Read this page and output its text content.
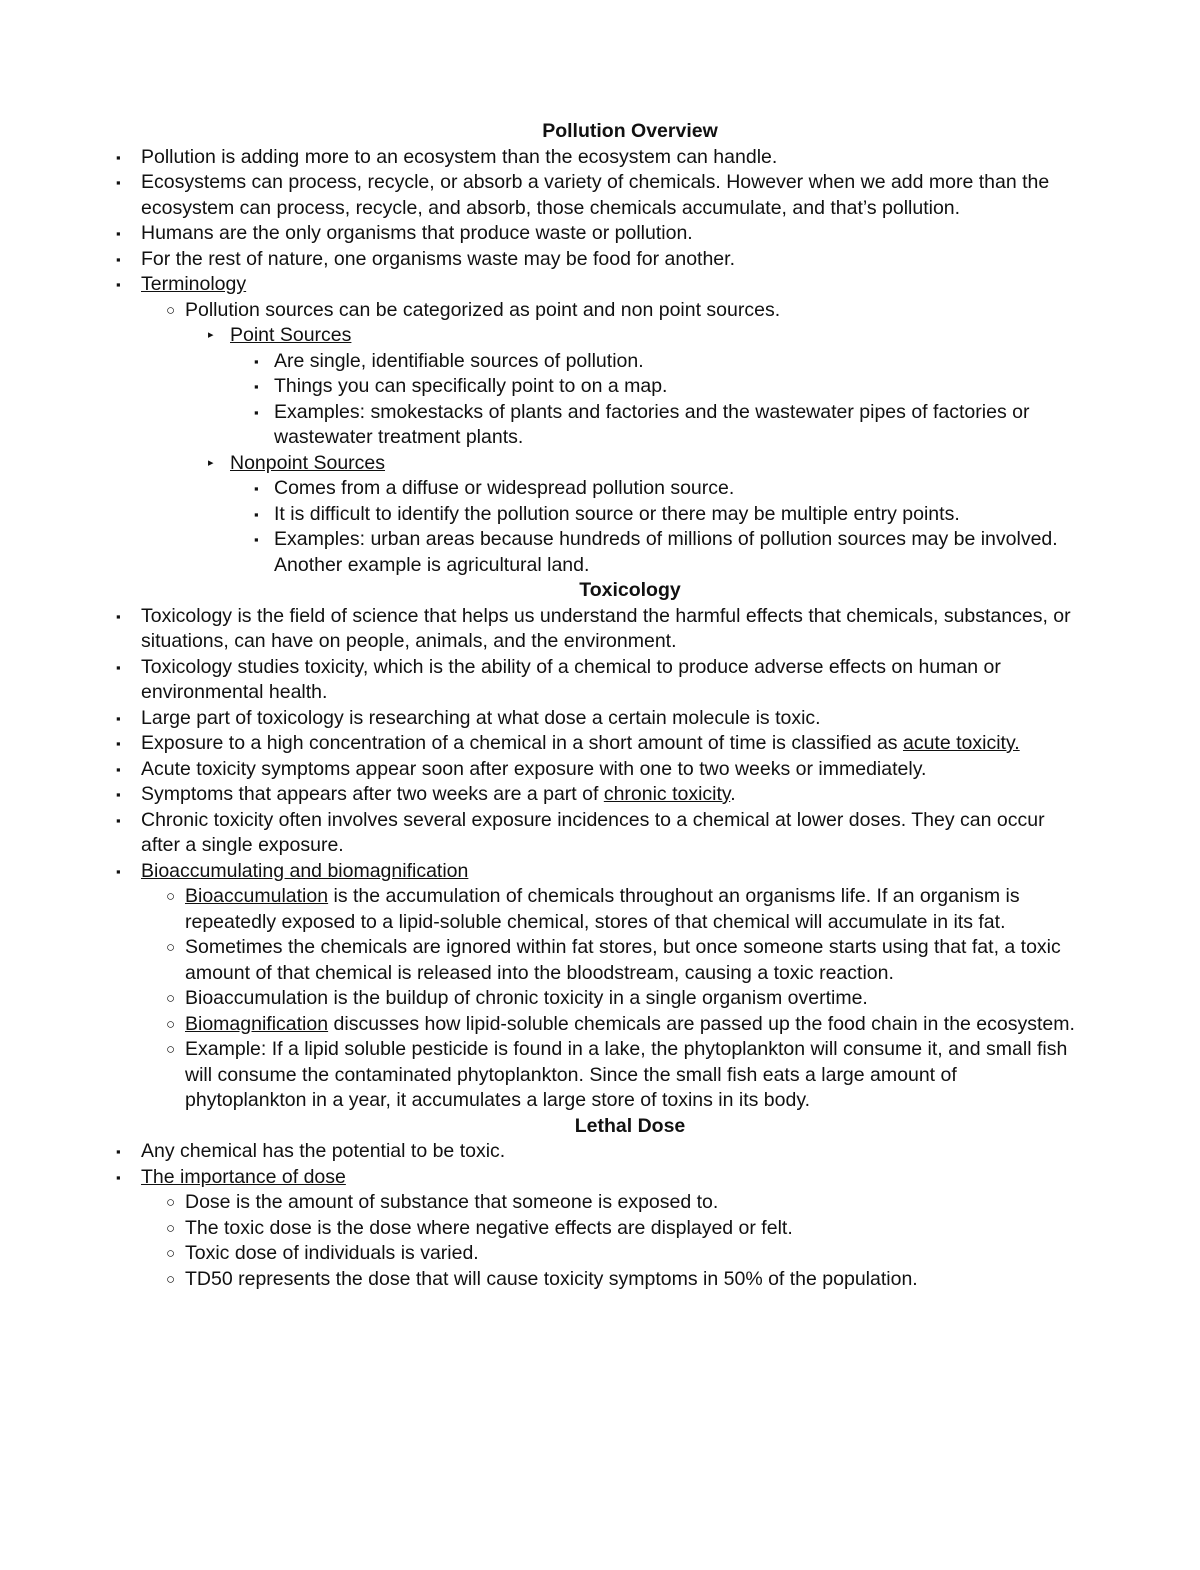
Pollution Overview
▪ Pollution is adding more to an ecosystem than the ecosystem can handle.
▪ Ecosystems can process, recycle, or absorb a variety of chemicals. However when we add more than the ecosystem can process, recycle, and absorb, those chemicals accumulate, and that’s pollution.
▪ Humans are the only organisms that produce waste or pollution.
▪ For the rest of nature, one organisms waste may be food for another.
▪ Terminology
○ Pollution sources can be categorized as point and non point sources.
▸ Point Sources
▪ Are single, identifiable sources of pollution.
▪ Things you can specifically point to on a map.
▪ Examples: smokestacks of plants and factories and the wastewater pipes of factories or wastewater treatment plants.
▸ Nonpoint Sources
▪ Comes from a diffuse or widespread pollution source.
▪ It is difficult to identify the pollution source or there may be multiple entry points.
▪ Examples: urban areas because hundreds of millions of pollution sources may be involved. Another example is agricultural land.
Toxicology
▪ Toxicology is the field of science that helps us understand the harmful effects that chemicals, substances, or situations, can have on people, animals, and the environment.
▪ Toxicology studies toxicity, which is the ability of a chemical to produce adverse effects on human or environmental health.
▪ Large part of toxicology is researching at what dose a certain molecule is toxic.
▪ Exposure to a high concentration of a chemical in a short amount of time is classified as acute toxicity.
▪ Acute toxicity symptoms appear soon after exposure with one to two weeks or immediately.
▪ Symptoms that appears after two weeks are a part of chronic toxicity.
▪ Chronic toxicity often involves several exposure incidences to a chemical at lower doses. They can occur after a single exposure.
▪ Bioaccumulating and biomagnification
○ Bioaccumulation is the accumulation of chemicals throughout an organisms life. If an organism is repeatedly exposed to a lipid-soluble chemical, stores of that chemical will accumulate in its fat.
○ Sometimes the chemicals are ignored within fat stores, but once someone starts using that fat, a toxic amount of that chemical is released into the bloodstream, causing a toxic reaction.
○ Bioaccumulation is the buildup of chronic toxicity in a single organism overtime.
○ Biomagnification discusses how lipid-soluble chemicals are passed up the food chain in the ecosystem.
○ Example: If a lipid soluble pesticide is found in a lake, the phytoplankton will consume it, and small fish will consume the contaminated phytoplankton. Since the small fish eats a large amount of phytoplankton in a year, it accumulates a large store of toxins in its body.
Lethal Dose
▪ Any chemical has the potential to be toxic.
▪ The importance of dose
○ Dose is the amount of substance that someone is exposed to.
○ The toxic dose is the dose where negative effects are displayed or felt.
○ Toxic dose of individuals is varied.
○ TD50 represents the dose that will cause toxicity symptoms in 50% of the population.
